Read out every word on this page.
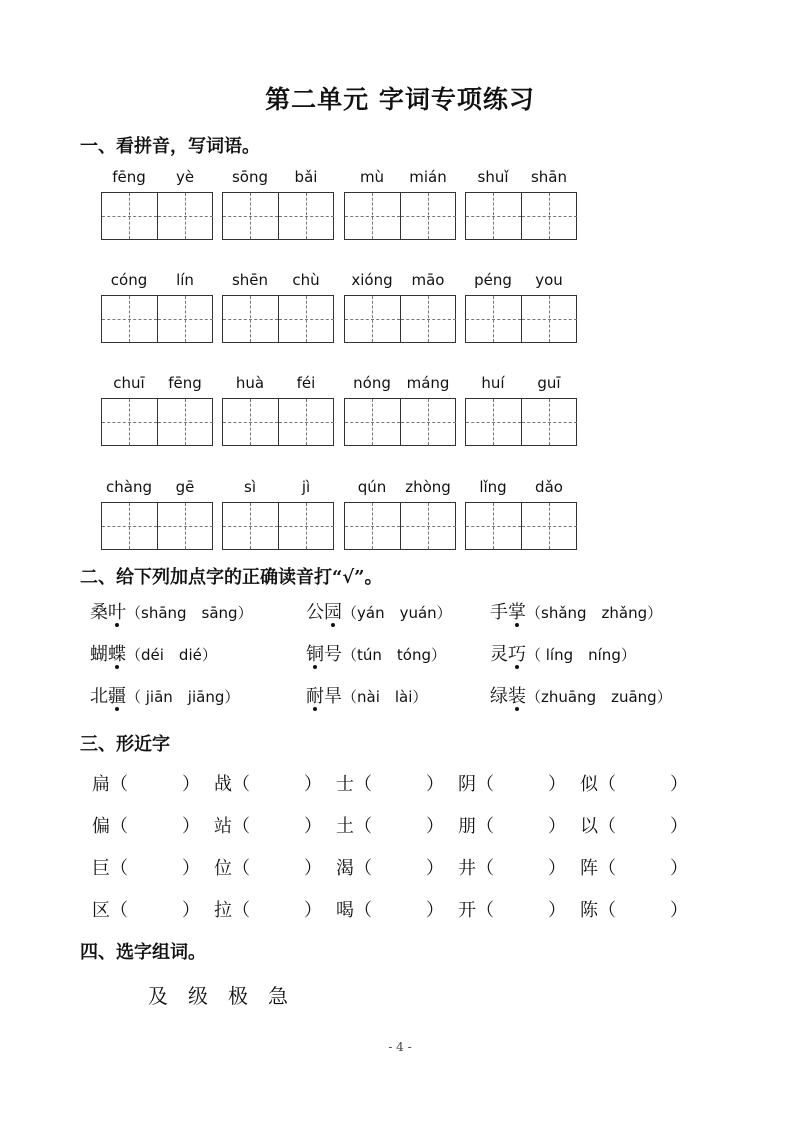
第二单元 字词专项练习
一、看拼音，写词语。
fēng	yè	sōng	bǎi	mù	mián	shuǐ	shān
cóng	lín	shēn	chù	xióng	māo	péng	you
chuī	fēng	huà	féi	nóng	máng	huí	guī
chàng	gē	sì	jì	qún	zhòng	lǐng	dǎo
二、给下列加点字的正确读音打“√”。
桑叶（shāng　sāng）	公园（yán　yuán） 手掌（shǎng　zhǎng）
蝴蝶（déi　dié）	铜号（tún　tóng） 灵巧（ líng　níng）
北疆（ jiān　jiāng）	耐旱（nài　lài）	绿装（zhuāng　zuāng）
三、形近字
扁（　　　） 战（　　　） 士（　　　） 阴（　　　） 似（　　　）
偏（　　　） 站（　　　） 土（　　　） 朋（　　　） 以（　　　）
巨（　　　） 位（　　　） 渴（　　　） 井（　　　） 阵（　　　）
区（　　　） 拉（　　　） 喝（　　　） 开（　　　） 陈（　　　）
四、选字组词。
及 级 极 急
- 4 -
